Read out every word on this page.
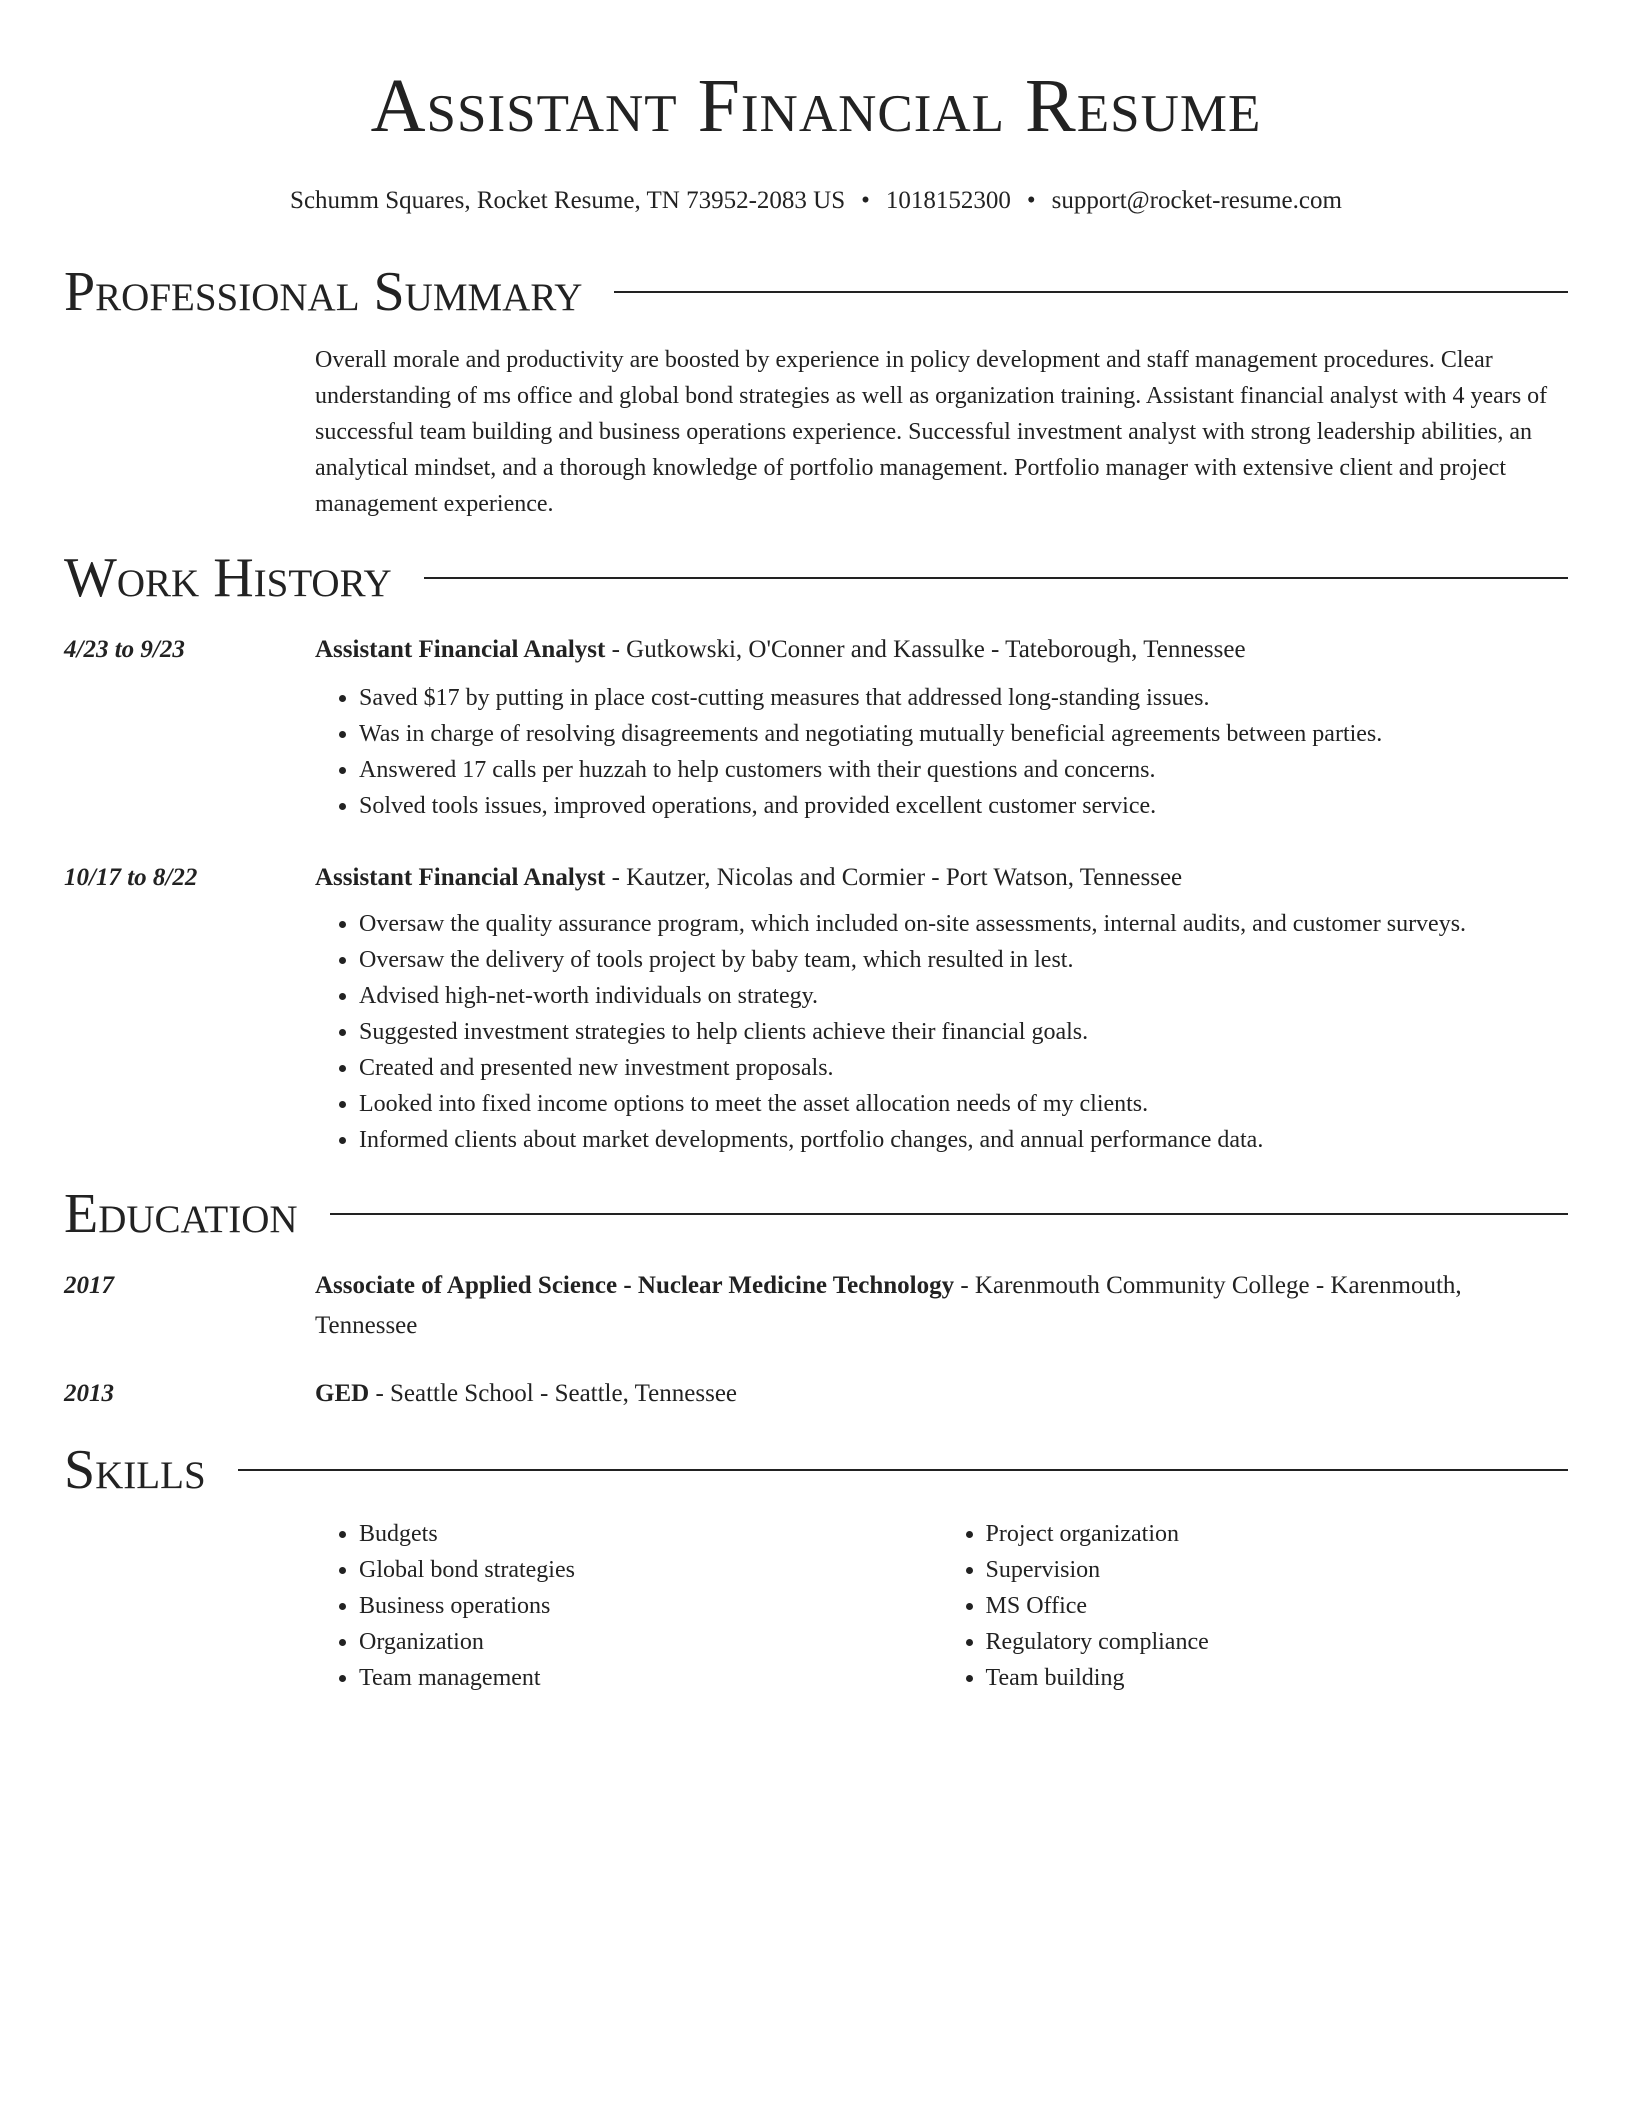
Assistant Financial Resume
Schumm Squares, Rocket Resume, TN 73952-2083 US • 1018152300 • support@rocket-resume.com
Professional Summary
Overall morale and productivity are boosted by experience in policy development and staff management procedures. Clear understanding of ms office and global bond strategies as well as organization training. Assistant financial analyst with 4 years of successful team building and business operations experience. Successful investment analyst with strong leadership abilities, an analytical mindset, and a thorough knowledge of portfolio management. Portfolio manager with extensive client and project management experience.
Work History
4/23 to 9/23	Assistant Financial Analyst - Gutkowski, O'Conner and Kassulke - Tateborough, Tennessee
• Saved $17 by putting in place cost-cutting measures that addressed long-standing issues.
• Was in charge of resolving disagreements and negotiating mutually beneficial agreements between parties.
• Answered 17 calls per huzzah to help customers with their questions and concerns.
• Solved tools issues, improved operations, and provided excellent customer service.
10/17 to 8/22	Assistant Financial Analyst - Kautzer, Nicolas and Cormier - Port Watson, Tennessee
• Oversaw the quality assurance program, which included on-site assessments, internal audits, and customer surveys.
• Oversaw the delivery of tools project by baby team, which resulted in lest.
• Advised high-net-worth individuals on strategy.
• Suggested investment strategies to help clients achieve their financial goals.
• Created and presented new investment proposals.
• Looked into fixed income options to meet the asset allocation needs of my clients.
• Informed clients about market developments, portfolio changes, and annual performance data.
Education
2017	Associate of Applied Science - Nuclear Medicine Technology - Karenmouth Community College - Karenmouth, Tennessee
2013	GED - Seattle School - Seattle, Tennessee
Skills
• Budgets
• Global bond strategies
• Business operations
• Organization
• Team management
• Project organization
• Supervision
• MS Office
• Regulatory compliance
• Team building
